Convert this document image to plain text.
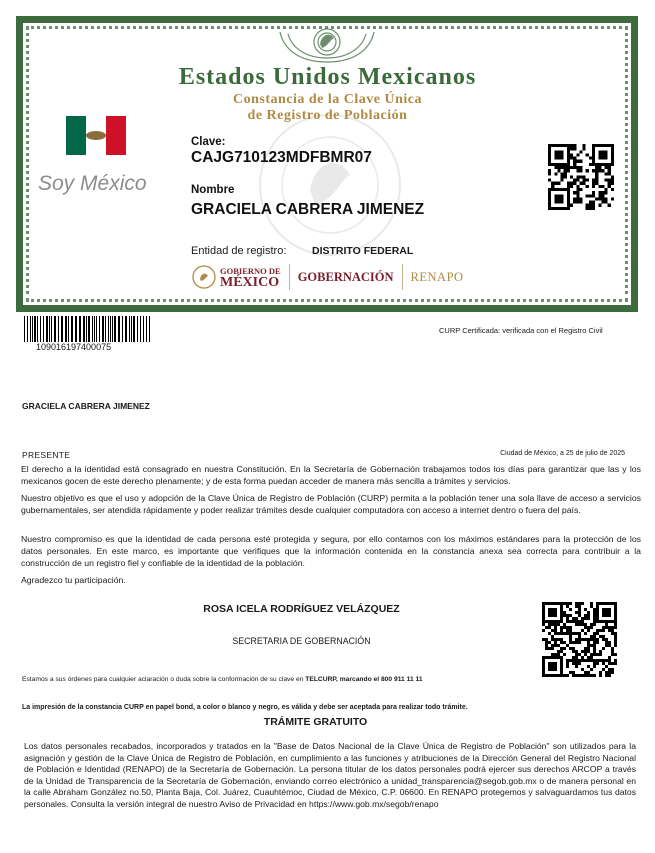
Estados Unidos Mexicanos
Constancia de la Clave Única
de Registro de Población
Soy México
Clave:
CAJG710123MDFBMR07
Nombre
GRACIELA CABRERA JIMENEZ
Entidad de registro: DISTRITO FEDERAL
GOBIERNO DE
MÉXICO GOBERNACIÓN RENAPO
109016197400075
CURP Certificada: verificada con el Registro Civil
GRACIELA CABRERA JIMENEZ
PRESENTE	Ciudad de México, a 25 de julio de 2025
El derecho a la identidad está consagrado en nuestra Constitución. En la Secretaría de Gobernación trabajamos todos los días para garantizar que las y los mexicanos gocen de este derecho plenamente; y de esta forma puedan acceder de manera más sencilla a trámites y servicios.
Nuestro objetivo es que el uso y adopción de la Clave Única de Registro de Población (CURP) permita a la población tener una sola llave de acceso a servicios gubernamentales, ser atendida rápidamente y poder realizar trámites desde cualquier computadora con acceso a internet dentro o fuera del país.
Nuestro compromiso es que la identidad de cada persona esté protegida y segura, por ello contamos con los máximos estándares para la protección de los datos personales. En este marco, es importante que verifiques que la información contenida en la constancia anexa sea correcta para contribuir a la construcción de un registro fiel y confiable de la identidad de la población.
Agradezco tu participación.
ROSA ICELA RODRÍGUEZ VELÁZQUEZ
SECRETARIA DE GOBERNACIÓN
Estamos a sus órdenes para cualquier aclaración o duda sobre la conformación de su clave en TELCURP, marcando el 800 911 11 11
La impresión de la constancia CURP en papel bond, a color o blanco y negro, es válida y debe ser aceptada para realizar todo trámite.
TRÁMITE GRATUITO
Los datos personales recabados, incorporados y tratados en la "Base de Datos Nacional de la Clave Única de Registro de Población" son utilizados para la asignación y gestión de la Clave Única de Registro de Población, en cumplimiento a las funciones y atribuciones de la Dirección General del Registro Nacional de Población e Identidad (RENAPO) de la Secretaría de Gobernación. La persona titular de los datos personales podrá ejercer sus derechos ARCOP a través de la Unidad de Transparencia de la Secretaría de Gobernación, enviando correo electrónico a unidad_transparencia@segob.gob.mx o de manera personal en la calle Abraham González no.50, Planta Baja, Col. Juárez, Cuauhtémoc, Ciudad de México, C.P. 06600. En RENAPO protegemos y salvaguardamos tus datos personales. Consulta la versión integral de nuestro Aviso de Privacidad en https://www.gob.mx/segob/renapo
